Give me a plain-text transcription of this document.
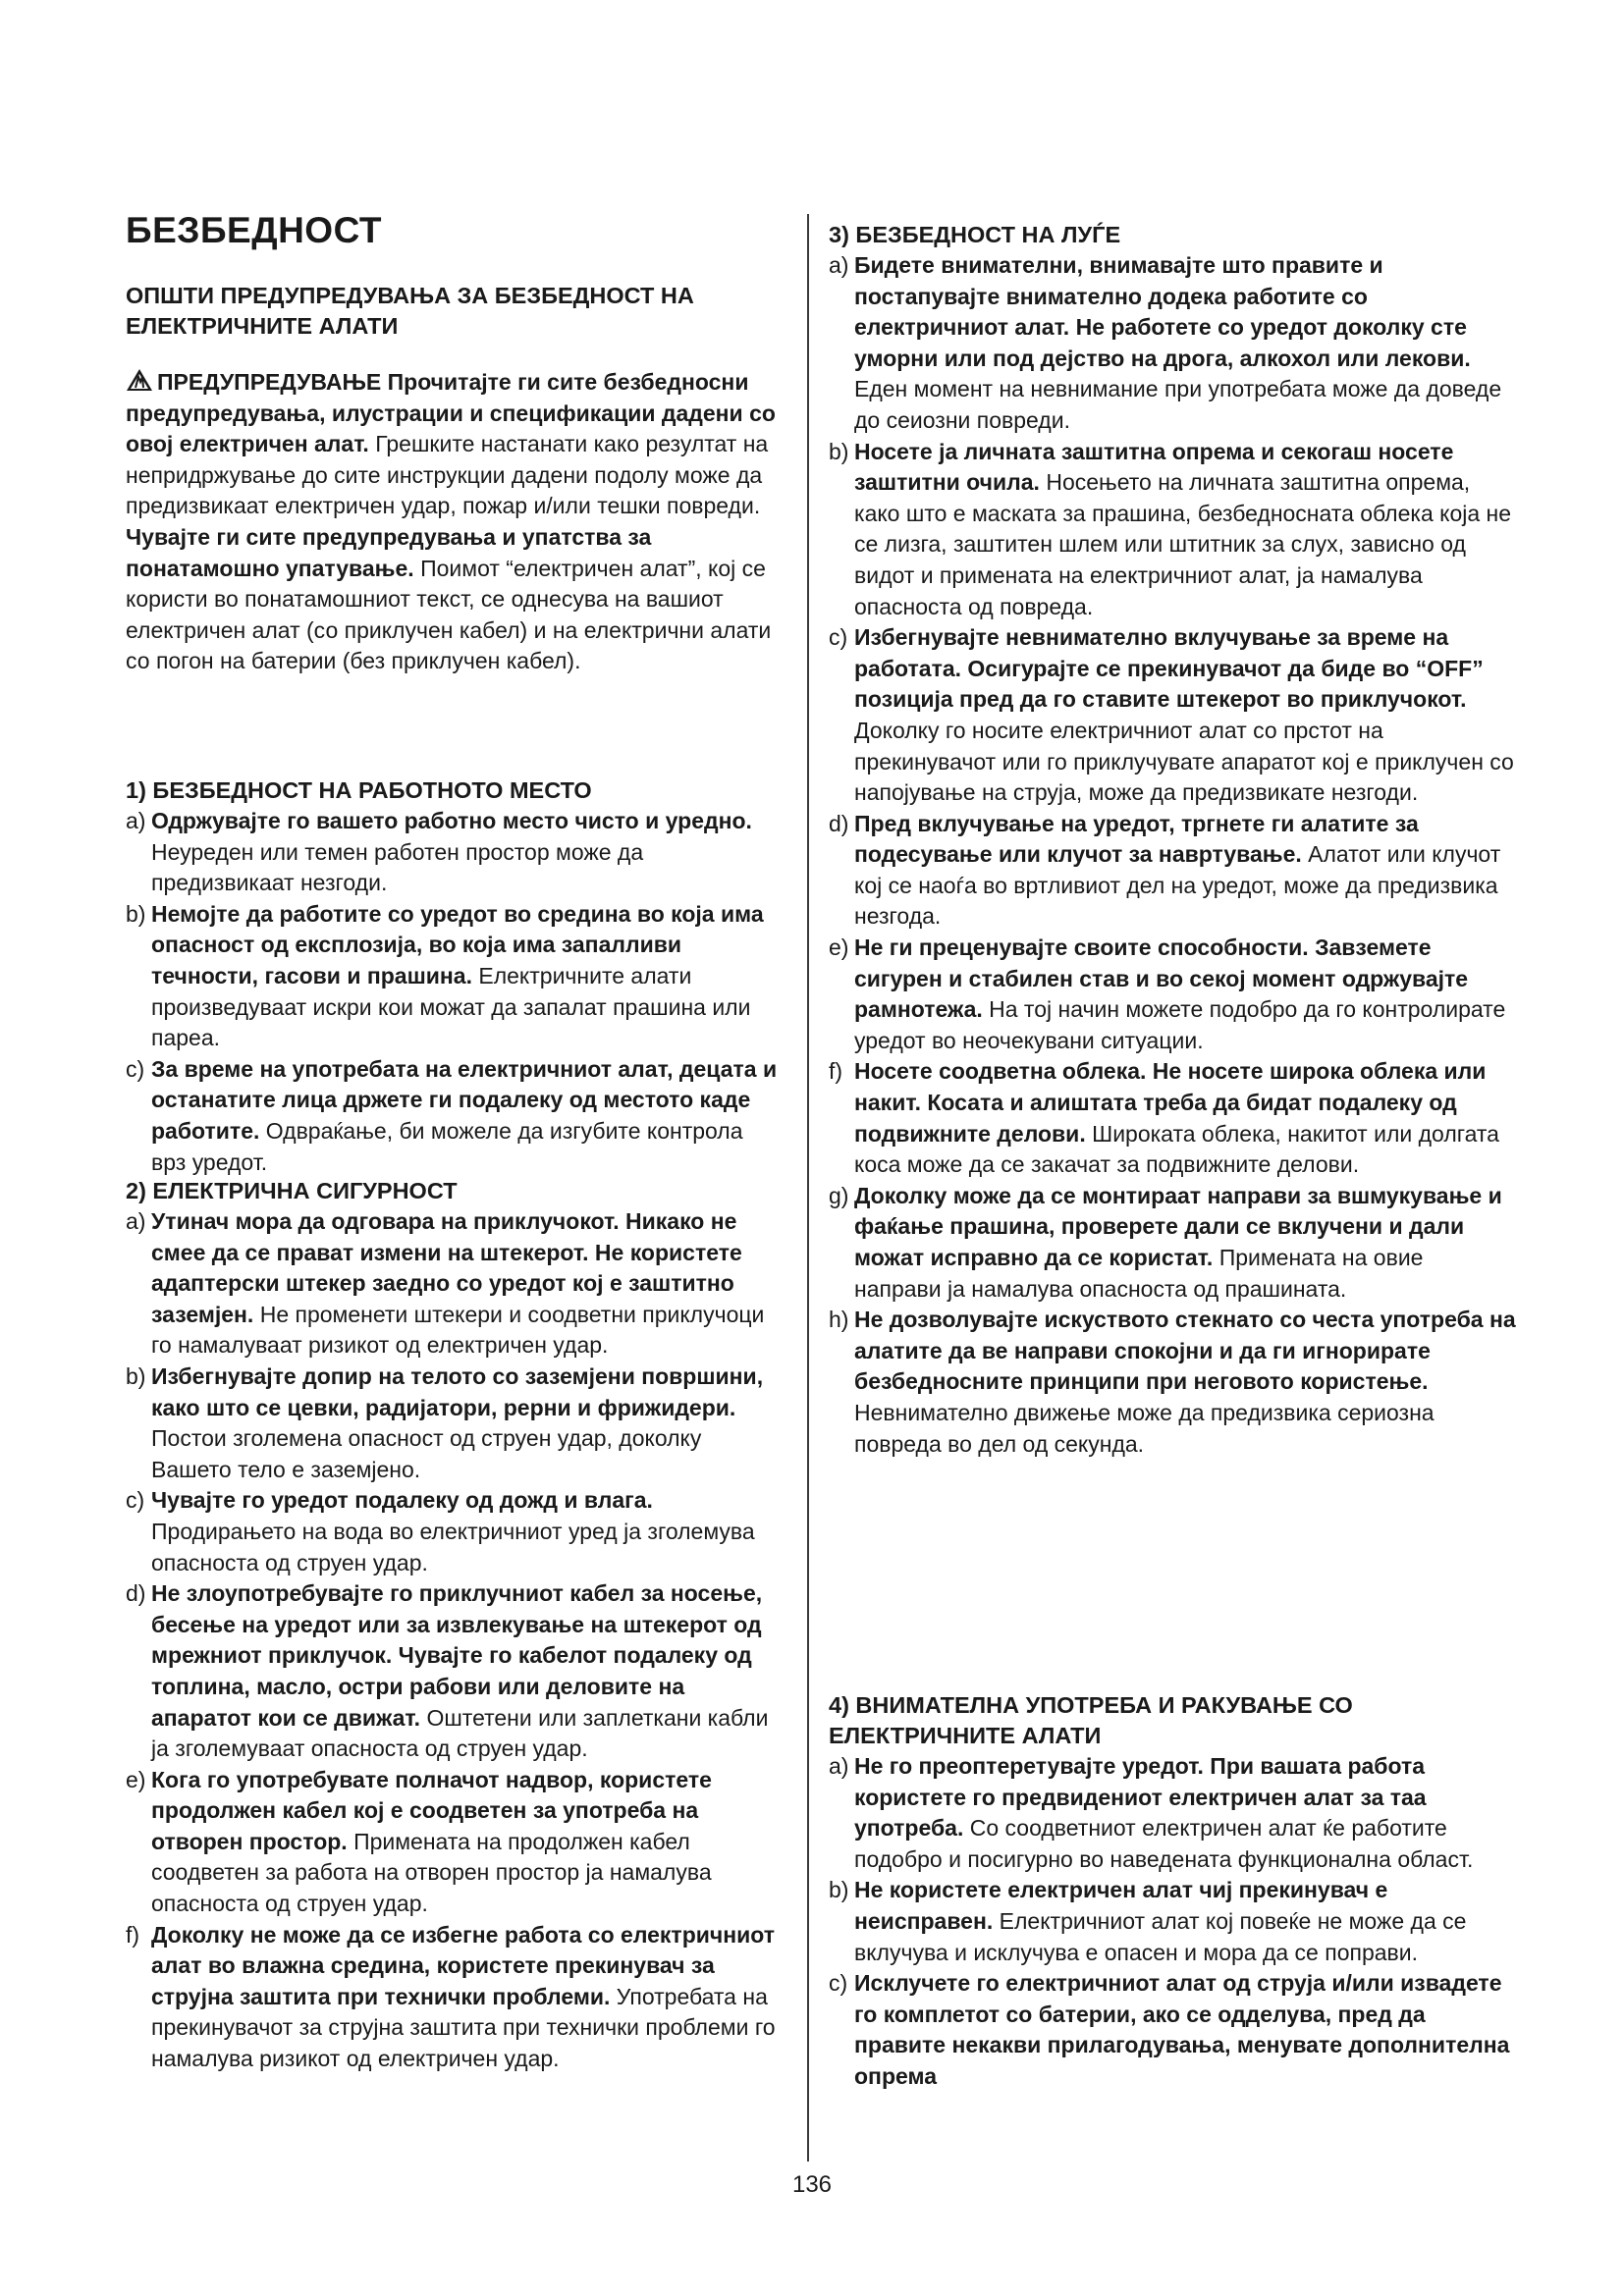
БЕЗБЕДНОСТ
ОПШТИ ПРЕДУПРЕДУВАЊА ЗА БЕЗБЕДНОСТ НА ЕЛЕКТРИЧНИТЕ АЛАТИ
ПРЕДУПРЕДУВАЊЕ Прочитајте ги сите безбедносни предупредувања, илустрации и спецификации дадени со овој електричен алат. Грешките настанати како резултат на непридржување до сите инструкции дадени подолу може да предизвикаат електричен удар, пожар и/или тешки повреди. Чувајте ги сите предупредувања и упатства за понатамошно упатување. Поимот “електричен алат”, кој се користи во понатамошниот текст, се однесува на вашиот електричен алат (со приклучен кабел) и на електрични алати со погон на батерии (без приклучен кабел).
1) БЕЗБЕДНОСТ НА РАБОТНОТО МЕСТО
a) Одржувајте го вашето работно место чисто и уредно. Неуреден или темен работен простор може да предизвикаат незгоди.
b) Немојте да работите со уредот во средина во која има опасност од експлозија, во која има запалливи течности, гасови и прашина. Електричните алати произведуваат искри кои можат да запалат прашина или пареа.
c) За време на употребата на електричниот алат, децата и останатите лица држете ги подалеку од местото каде работите. Одвраќање, би можеле да изгубите контрола врз уредот.
2) ЕЛЕКТРИЧНА СИГУРНОСТ
a) Утинач мора да одговара на приклучокот. Никако не смее да се прават измени на штекерот. Не користете адаптерски штекер заедно со уредот кој е заштитно заземјен. Не променети штекери и соодветни приклучоци го намалуваат ризикот од електричен удар.
b) Избегнувајте допир на телото со заземјени површини, како што се цевки, радијатори, рерни и фрижидери. Постои зголемена опасност од струен удар, доколку Вашето тело е заземјено.
c) Чувајте го уредот подалеку од дожд и влага. Продирањето на вода во електричниот уред ја зголемува опасноста од струен удар.
d) Не злоупотребувајте го приклучниот кабел за носење, бесење на уредот или за извлекување на штекерот од мрежниот приклучок. Чувајте го кабелот подалеку од топлина, масло, остри рабови или деловите на апаратот кои се движат. Оштетени или заплеткани кабли ја зголемуваат опасноста од струен удар.
e) Кога го употребувате полначот надвор, користете продолжен кабел кој е соодветен за употреба на отворен простор. Примената на продолжен кабел соодветен за работа на отворен простор ја намалува опасноста од струен удар.
f) Доколку не може да се избегне работа со електричниот алат во влажна средина, користете прекинувач за струјна заштита при технички проблеми. Употребата на прекинувачот за струјна заштита при технички проблеми го намалува ризикот од електричен удар.
3) БЕЗБЕДНОСТ НА ЛУЃЕ
a) Бидете внимателни, внимавајте што правите и постапувајте внимателно додека работите со електричниот алат. Не работете со уредот доколку сте уморни или под дејство на дрога, алкохол или лекови. Еден момент на невнимание при употребата може да доведе до сеиозни повреди.
b) Носете ја личната заштитна опрема и секогаш носете заштитни очила. Носењето на личната заштитна опрема, како што е маската за прашина, безбедносната облека која не се лизга, заштитен шлем или штитник за слух, зависно од видот и примената на електричниот алат, ја намалува опасноста од повреда.
c) Избегнувајте невнимателно вклучување за време на работата. Осигурајте се прекинувачот да биде во “OFF” позиција пред да го ставите штекерот во приклучокот. Доколку го носите електричниот алат со прстот на прекинувачот или го приклучувате апаратот кој е приклучен со напојување на струја, може да предизвикате незгоди.
d) Пред вклучување на уредот, тргнете ги алатите за подесување или клучот за навртување. Алатот или клучот кој се наоѓа во вртливиот дел на уредот, може да предизвика незгода.
e) Не ги преценувајте своите способности. Завземете сигурен и стабилен став и во секој момент одржувајте рамнотежа. На тој начин можете подобро да го контролирате уредот во неочекувани ситуации.
f) Носете соодветна облека. Не носете широка облека или накит. Косата и алиштата треба да бидат подалеку од подвижните делови. Широката облека, накитот или долгата коса може да се закачат за подвижните делови.
g) Доколку може да се монтираат направи за вшмукување и фаќање прашина, проверете дали се вклучени и дали можат исправно да се користат. Примената на овие направи ја намалува опасноста од прашината.
h) Не дозволувајте искуството стекнато со честа употреба на алатите да ве направи спокојни и да ги игнорирате безбедносните принципи при неговото користење. Невнимателно движење може да предизвика сериозна повреда во дел од секунда.
4) ВНИМАТЕЛНА УПОТРЕБА И РАКУВАЊЕ СО ЕЛЕКТРИЧНИТЕ АЛАТИ
a) Не го преоптеретувајте уредот. При вашата работа користете го предвидениот електричен алат за таа употреба. Со соодветниот електричен алат ќе работите подобро и посигурно во наведената функционална област.
b) Не користете електричен алат чиј прекинувач е неисправен. Електричниот алат кој повеќе не може да се вклучува и исклучува е опасен и мора да се поправи.
c) Исклучете го електричниот алат од струја и/или извадете го комплетот со батерии, ако се одделува, пред да правите некакви прилагодувања, менувате дополнителна опрема
136
